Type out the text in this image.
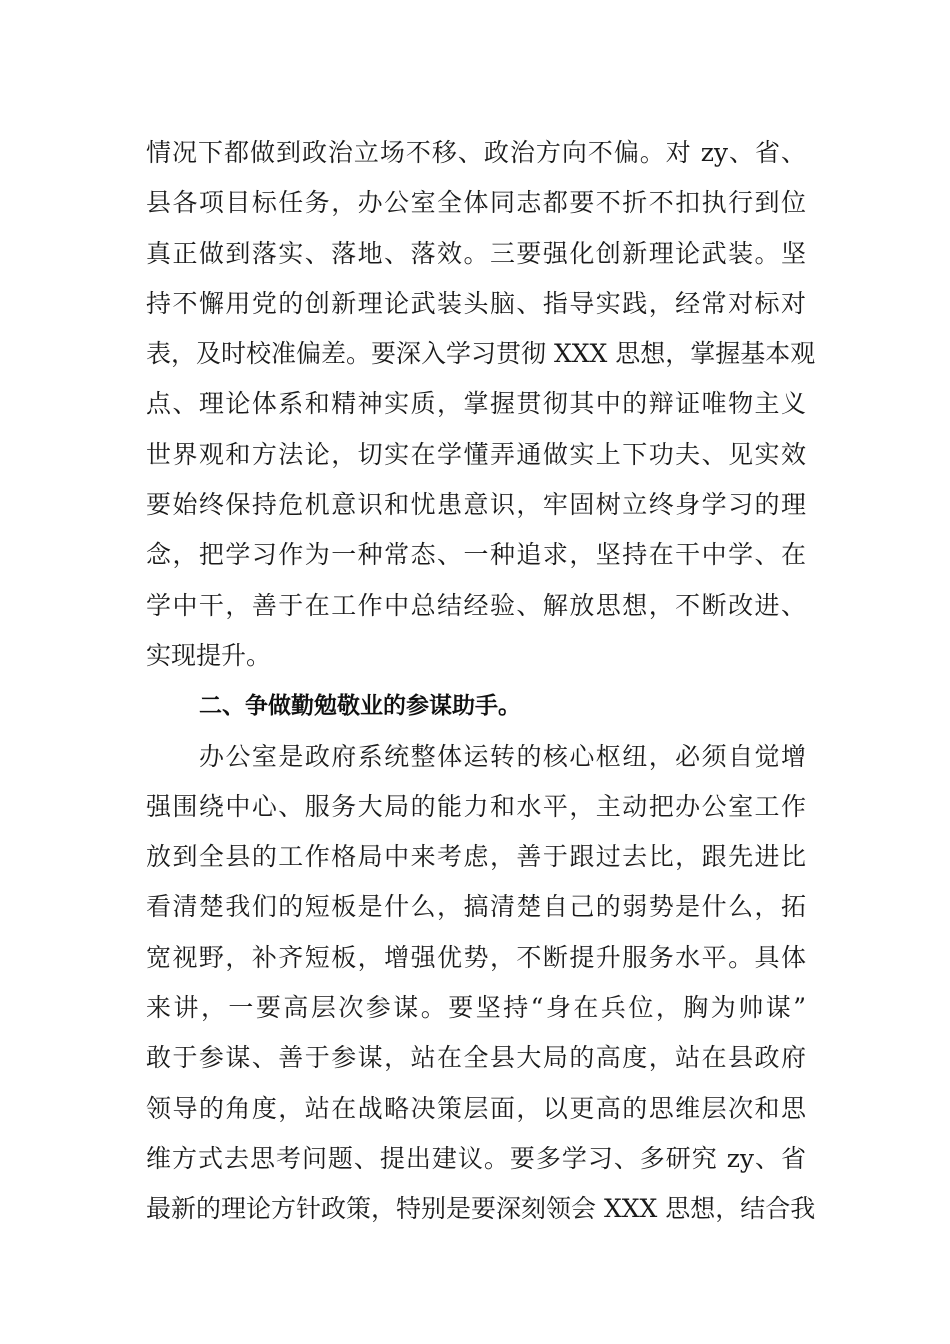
情况下都做到政治立场不移、政治方向不偏。对 zy、省、
县各项目标任务，办公室全体同志都要不折不扣执行到位
真正做到落实、落地、落效。三要强化创新理论武装。坚
持不懈用党的创新理论武装头脑、指导实践，经常对标对
表，及时校准偏差。要深入学习贯彻 XXX 思想，掌握基本观
点、理论体系和精神实质，掌握贯彻其中的辩证唯物主义
世界观和方法论，切实在学懂弄通做实上下功夫、见实效
要始终保持危机意识和忧患意识，牢固树立终身学习的理
念，把学习作为一种常态、一种追求，坚持在干中学、在
学中干，善于在工作中总结经验、解放思想，不断改进、
实现提升。
二、争做勤勉敬业的参谋助手。
办公室是政府系统整体运转的核心枢纽，必须自觉增
强围绕中心、服务大局的能力和水平，主动把办公室工作
放到全县的工作格局中来考虑，善于跟过去比，跟先进比
看清楚我们的短板是什么，搞清楚自己的弱势是什么，拓
宽视野，补齐短板，增强优势，不断提升服务水平。具体
来讲，一要高层次参谋。要坚持“身在兵位，胸为帅谋”
敢于参谋、善于参谋，站在全县大局的高度，站在县政府
领导的角度，站在战略决策层面，以更高的思维层次和思
维方式去思考问题、提出建议。要多学习、多研究 zy、省
最新的理论方针政策，特别是要深刻领会 XXX 思想，结合我
